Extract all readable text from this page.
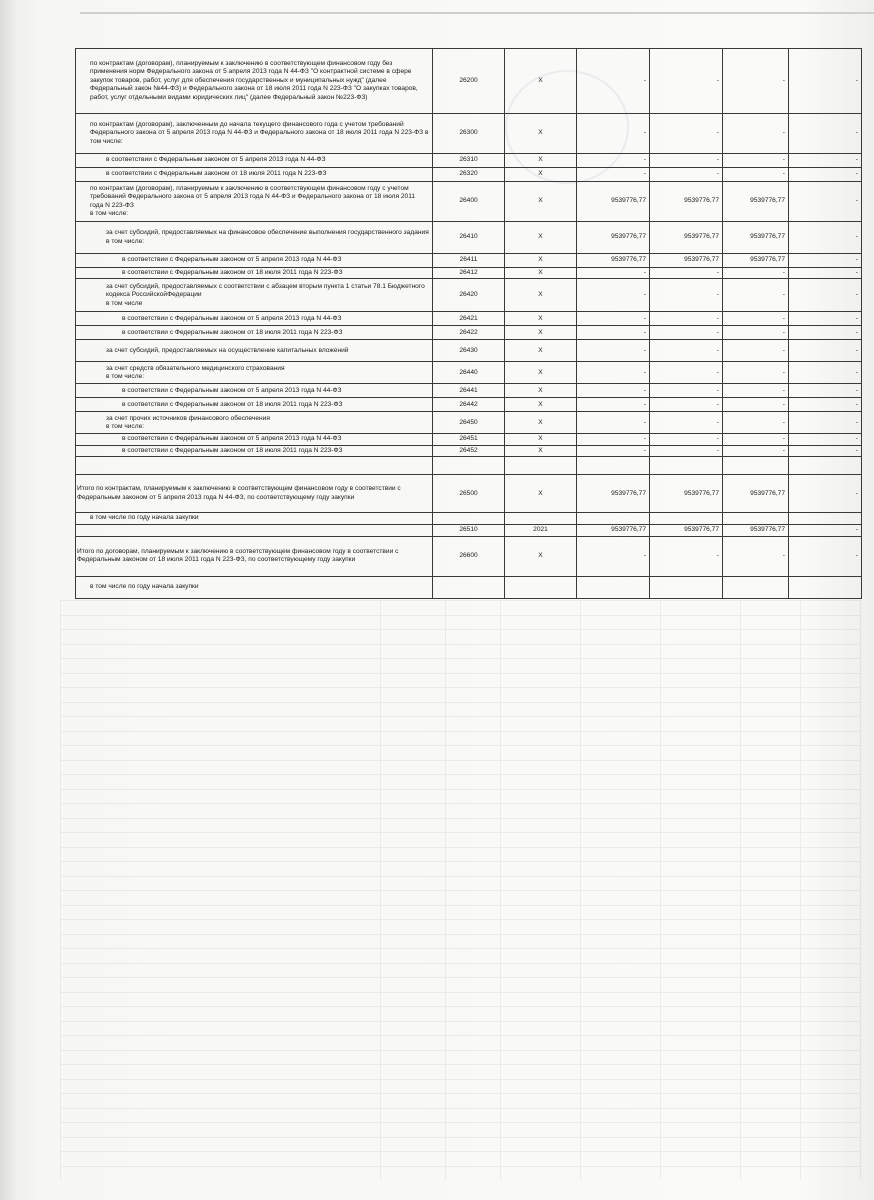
по контрактам (договорам), планируемым к заключению в соответствующем финансовом году без применения норм Федерального закона от 5 апреля 2013 года N 44-ФЗ "О контрактной системе в сфере закупок товаров, работ, услуг для обеспечения государственных и муниципальных нужд" (далее Федеральный закон №44-ФЗ) и Федерального закона от 18 июля 2011 года N 223-ФЗ "О закупках товаров, работ, услуг отдельными видами юридических лиц" (далее Федеральный закон №223-ФЗ)	26200	X	-	-	-	-
по контрактам (договорам), заключенным до начала текущего финансового года с учетом требований Федерального закона от 5 апреля 2013 года N 44-ФЗ и Федерального закона от 18 июля 2011 года N 223-ФЗ в том числе:	26300	X	-	-	-	-
в соответствии с Федеральным законом от 5 апреля 2013 года N 44-ФЗ	26310	X	-	-	-	-
в соответствии с Федеральным законом от 18 июля 2011 года N 223-ФЗ	26320	X	-	-	-	-
по контрактам (договорам), планируемым к заключению в соответствующем финансовом году с учетом требований Федерального закона от 5 апреля 2013 года N 44-ФЗ и Федерального закона от 18 июля 2011 года N 223-ФЗ
в том числе:	26400	X	9539776,77	9539776,77	9539776,77	-
за счет субсидий, предоставляемых на финансовое обеспечение выполнения государственного задания
в том числе:	26410	X	9539776,77	9539776,77	9539776,77	-
в соответствии с Федеральным законом от 5 апреля 2013 года N 44-ФЗ	26411	X	9539776,77	9539776,77	9539776,77	-
в соответствии с Федеральным законом от 18 июля 2011 года N 223-ФЗ	26412	X	-	-	-	-
за счет субсидий, предоставляемых с соответствии с абзацем вторым пункта 1 статьи 78.1 Бюджетного кодекса РоссийскойФедерации
в том числе	26420	X	-	-	-	-
в соответствии с Федеральным законом от 5 апреля 2013 года N 44-ФЗ	26421	X	-	-	-	-
в соответствии с Федеральным законом от 18 июля 2011 года N 223-ФЗ	26422	X	-	-	-	-
за счет субсидий, предоставляемых на осуществление капитальных вложений	26430	X	-	-	-	-
за счет средств обязательного медицинского страхования
в том числе:	26440	X	-	-	-	-
в соответствии с Федеральным законом от 5 апреля 2013 года N 44-ФЗ	26441	X	-	-	-	-
в соответствии с Федеральным законом от 18 июля 2011 года N 223-ФЗ	26442	X	-	-	-	-
за счет прочих источников финансового обеспечения
в том числе:	26450	X	-	-	-	-
в соответствии с Федеральным законом от 5 апреля 2013 года N 44-ФЗ	26451	X	-	-	-	-
в соответствии с Федеральным законом от 18 июля 2011 года N 223-ФЗ	26452	X	-	-	-	-

Итого по контрактам, планируемым к заключению в соответствующем финансовом году в соответствии с Федеральным законом от 5 апреля 2013 года N 44-ФЗ, по соответствующему году закупки	26500	X	9539776,77	9539776,77	9539776,77	-
в том числе по году начала закупки						
	26510	2021	9539776,77	9539776,77	9539776,77	-
Итого по договорам, планируемым к заключению в соответствующем финансовом году в соответствии с Федеральным законом от 18 июля 2011 года N 223-ФЗ, по соответствующему году закупки	26600	X	-	-	-	-
в том числе по году начала закупки						
